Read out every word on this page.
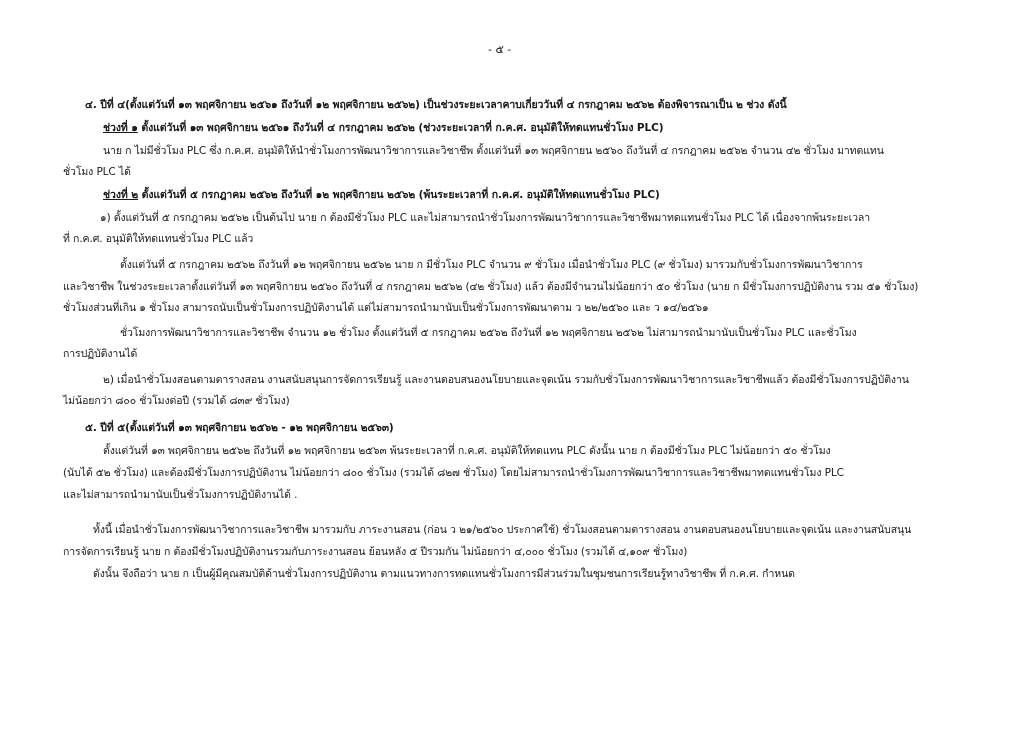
- ๕ -
๔. ปีที่ ๔(ตั้งแต่วันที่ ๑๓ พฤศจิกายน ๒๕๖๑ ถึงวันที่ ๑๒ พฤศจิกายน ๒๕๖๒) เป็นช่วงระยะเวลาคาบเกี่ยววันที่ ๔ กรกฎาคม ๒๕๖๒ ต้องพิจารณาเป็น ๒ ช่วง ดังนี้
ช่วงที่ ๑ ตั้งแต่วันที่ ๑๓ พฤศจิกายน ๒๕๖๑ ถึงวันที่ ๔ กรกฎาคม ๒๕๖๒ (ช่วงระยะเวลาที่ ก.ค.ศ. อนุมัติให้ทดแทนชั่วโมง PLC)
นาย ก ไม่มีชั่วโมง PLC ซึ่ง ก.ค.ศ. อนุมัติให้นำชั่วโมงการพัฒนาวิชาการและวิชาชีพ ตั้งแต่วันที่ ๑๓ พฤศจิกายน ๒๕๖๐ ถึงวันที่ ๔ กรกฎาคม ๒๕๖๒ จำนวน ๔๒ ชั่วโมง มาทดแทน
ชั่วโมง PLC ได้
ช่วงที่ ๒ ตั้งแต่วันที่ ๕ กรกฎาคม ๒๕๖๒ ถึงวันที่ ๑๒ พฤศจิกายน ๒๕๖๒ (พ้นระยะเวลาที่ ก.ค.ศ. อนุมัติให้ทดแทนชั่วโมง PLC)
๑) ตั้งแต่วันที่ ๕ กรกฎาคม ๒๕๖๒ เป็นต้นไป นาย ก ต้องมีชั่วโมง PLC และไม่สามารถนำชั่วโมงการพัฒนาวิชาการและวิชาชีพมาทดแทนชั่วโมง PLC ได้ เนื่องจากพ้นระยะเวลา
ที่ ก.ค.ศ. อนุมัติให้ทดแทนชั่วโมง PLC แล้ว
ตั้งแต่วันที่ ๕ กรกฎาคม ๒๕๖๒ ถึงวันที่ ๑๒ พฤศจิกายน ๒๕๖๒ นาย ก มีชั่วโมง PLC จำนวน ๙ ชั่วโมง เมื่อนำชั่วโมง PLC (๙ ชั่วโมง) มารวมกับชั่วโมงการพัฒนาวิชาการ
และวิชาชีพ ในช่วงระยะเวลาตั้งแต่วันที่ ๑๓ พฤศจิกายน ๒๕๖๐ ถึงวันที่ ๔ กรกฎาคม ๒๕๖๒ (๔๒ ชั่วโมง) แล้ว ต้องมีจำนวนไม่น้อยกว่า ๕๐ ชั่วโมง (นาย ก มีชั่วโมงการปฏิบัติงาน รวม ๕๑ ชั่วโมง)
ชั่วโมงส่วนที่เกิน ๑ ชั่วโมง สามารถนับเป็นชั่วโมงการปฏิบัติงานได้ แต่ไม่สามารถนำมานับเป็นชั่วโมงการพัฒนาตาม ว ๒๒/๒๕๖๐ และ ว ๑๔/๒๕๖๑
ชั่วโมงการพัฒนาวิชาการและวิชาชีพ จำนวน ๑๒ ชั่วโมง ตั้งแต่วันที่ ๕ กรกฎาคม ๒๕๖๒ ถึงวันที่ ๑๒ พฤศจิกายน ๒๕๖๒ ไม่สามารถนำมานับเป็นชั่วโมง PLC และชั่วโมง
การปฏิบัติงานได้
๒) เมื่อนำชั่วโมงสอนตามตารางสอน งานสนับสนุนการจัดการเรียนรู้ และงานตอบสนองนโยบายและจุดเน้น รวมกับชั่วโมงการพัฒนาวิชาการและวิชาชีพแล้ว ต้องมีชั่วโมงการปฏิบัติงาน
ไม่น้อยกว่า ๘๐๐ ชั่วโมงต่อปี (รวมได้ ๘๓๙ ชั่วโมง)
๕. ปีที่ ๕(ตั้งแต่วันที่ ๑๓ พฤศจิกายน ๒๕๖๒ - ๑๒ พฤศจิกายน ๒๕๖๓)
ตั้งแต่วันที่ ๑๓ พฤศจิกายน ๒๕๖๒ ถึงวันที่ ๑๒ พฤศจิกายน ๒๕๖๓ พ้นระยะเวลาที่ ก.ค.ศ. อนุมัติให้ทดแทน PLC ดังนั้น นาย ก ต้องมีชั่วโมง PLC ไม่น้อยกว่า ๕๐ ชั่วโมง
(นับได้ ๕๒ ชั่วโมง) และต้องมีชั่วโมงการปฏิบัติงาน ไม่น้อยกว่า ๘๐๐ ชั่วโมง (รวมได้ ๘๒๗ ชั่วโมง) โดยไม่สามารถนำชั่วโมงการพัฒนาวิชาการและวิชาชีพมาทดแทนชั่วโมง PLC
และไม่สามารถนำมานับเป็นชั่วโมงการปฏิบัติงานได้ .
ทั้งนี้ เมื่อนำชั่วโมงการพัฒนาวิชาการและวิชาชีพ มารวมกับ ภาระงานสอน (ก่อน ว ๒๑/๒๕๖๐ ประกาศใช้) ชั่วโมงสอนตามตารางสอน งานตอบสนองนโยบายและจุดเน้น และงานสนับสนุน
การจัดการเรียนรู้ นาย ก ต้องมีชั่วโมงปฏิบัติงานรวมกับภาระงานสอน ย้อนหลัง ๕ ปีรวมกัน ไม่น้อยกว่า ๔,๐๐๐ ชั่วโมง (รวมได้ ๔,๑๐๙ ชั่วโมง)
ดังนั้น จึงถือว่า นาย ก เป็นผู้มีคุณสมบัติด้านชั่วโมงการปฏิบัติงาน ตามแนวทางการทดแทนชั่วโมงการมีส่วนร่วมในชุมชนการเรียนรู้ทางวิชาชีพ ที่ ก.ค.ศ. กำหนด
